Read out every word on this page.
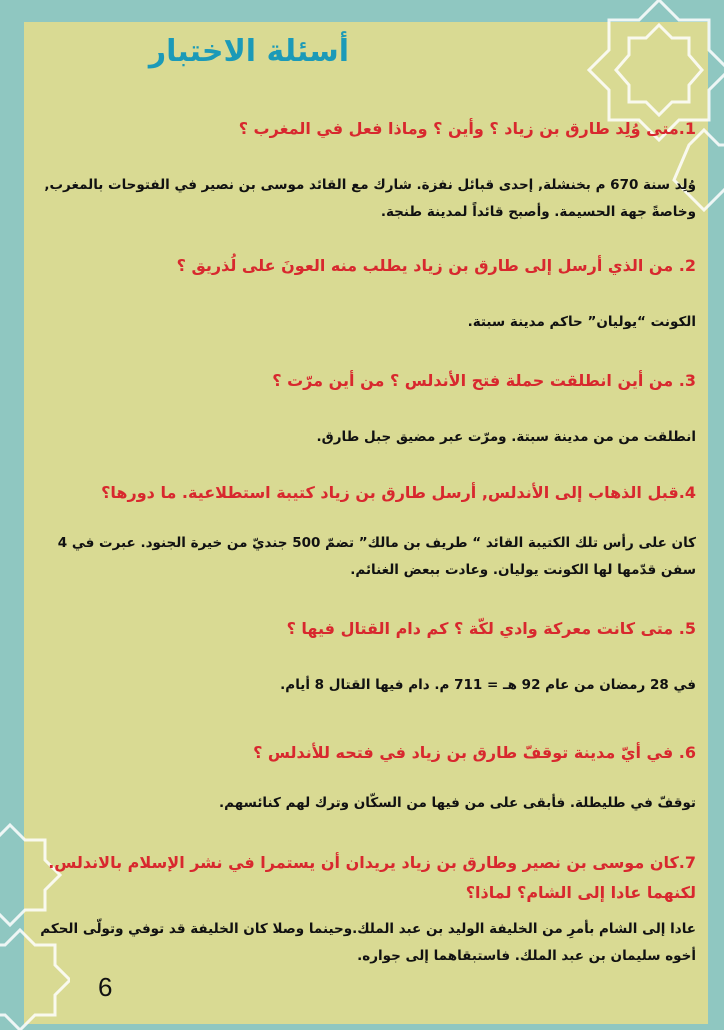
أسئلة الاختبار

1.متى وُلِد طارق بن زياد ؟ وأين ؟ وماذا فعل في المغرب ؟

وُلِد سنة 670 م بخنشلة, إحدى قبائل نفزة. شارك مع القائد موسى بن نصير في الفتوحات بالمغرب, وخاصةً جهة الحسيمة. وأصبح قائداً لمدينة طنجة.

2. من الذي أرسل إلى طارق بن زياد يطلب منه العونَ على لُذريق ؟

الكونت “يوليان” حاكم مدينة سبتة.

3. من أين انطلقت حملة فتح الأندلس ؟ من أين مرّت ؟

انطلقت من من مدينة سبتة. ومرّت عبر مضيق جبل طارق.

4.قبل الذهاب إلى الأندلس, أرسل طارق بن زياد كتيبة استطلاعية. ما دورها؟

كان على رأس تلك الكتيبة القائد “ طريف بن مالك” تضمّ 500 جنديّ من خيرة الجنود. عبرت في 4 سفن قدّمها لها الكونت يوليان. وعادت ببعض الغنائم.

5. متى كانت معركة وادي لكّة ؟ كم دام القتال فيها ؟

في 28 رمضان من عام 92 هـ = 711 م. دام فيها القتال 8 أيام.

6. في أيّ مدينة توقفّ طارق بن زياد في فتحه للأندلس ؟

توقفّ في طليطلة. فأبقى على من فيها من السكّان وترك لهم كنائسهم.

7.كان موسى بن نصير وطارق بن زياد يريدان أن يستمرا في نشر الإسلام بالاندلس. لكنهما عادا إلى الشام؟ لماذا؟

عادا إلى الشام بأمرِ من الخليفة الوليد بن عبد الملك.وحينما وصلا كان الخليفة قد توفي وتولّى الحكم أخوه سليمان بن عبد الملك. فاستبقاهما إلى جواره.

6
